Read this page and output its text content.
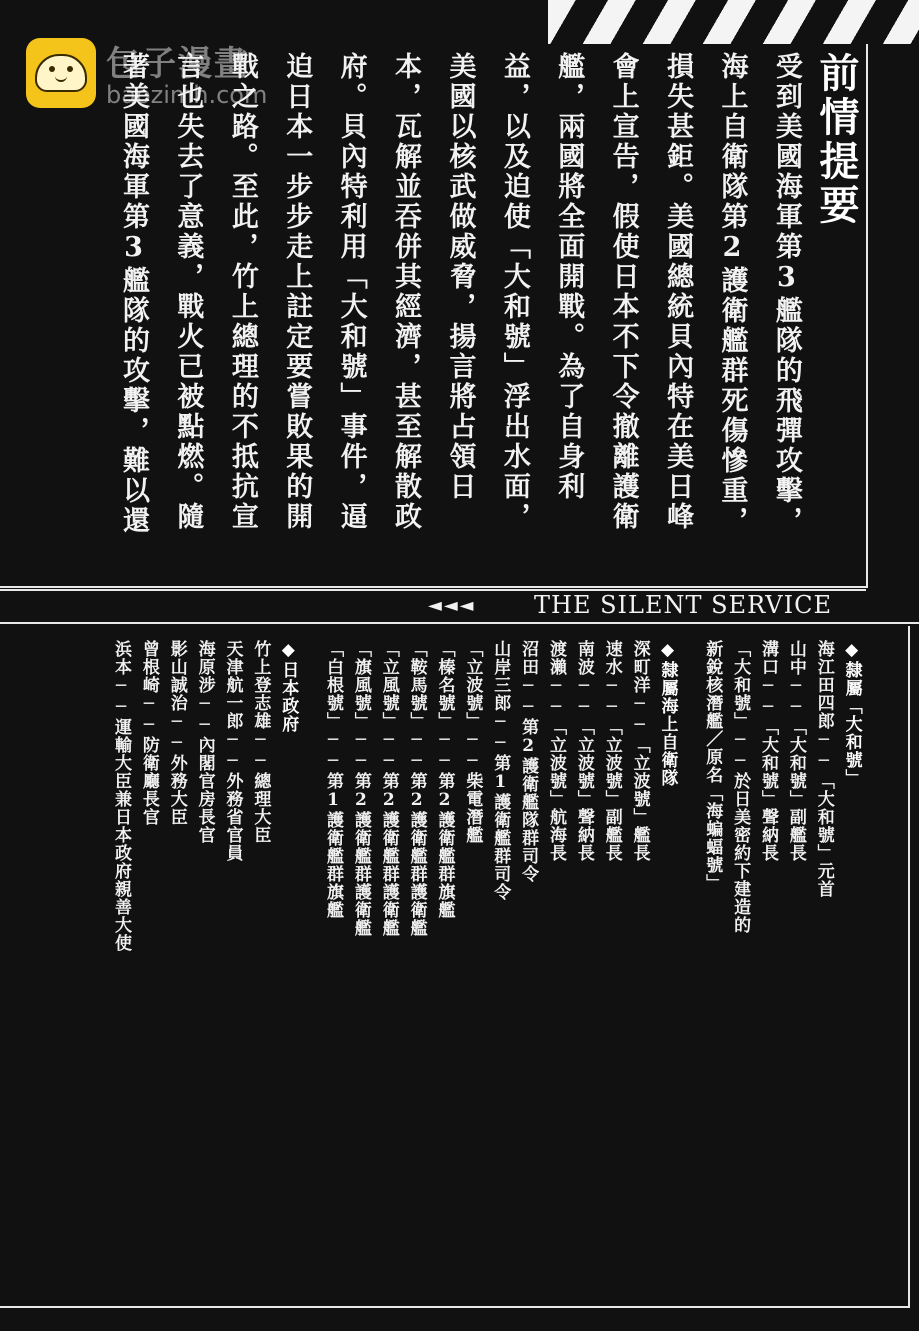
包子漫畫
baozimh.com	前情提要
受到美國海軍第3艦隊的飛彈攻擊，
海上自衛隊第2護衛艦群死傷慘重，
損失甚鉅。美國總統貝內特在美日峰
會上宣告，假使日本不下令撤離護衛
艦，兩國將全面開戰。為了自身利
益，以及迫使「大和號」浮出水面，
美國以核武做威脅，揚言將占領日
本，瓦解並吞併其經濟，甚至解散政
府。貝內特利用「大和號」事件，逼
迫日本一步步走上註定要嘗敗果的開
戰之路。至此，竹上總理的不抵抗宣
言也失去了意義，戰火已被點燃。隨
著美國海軍第3艦隊的攻擊，難以還
◄◄◄ THE SILENT SERVICE
◆隸屬「大和號」
海江田四郎──「大和號」元首
山中──「大和號」副艦長
溝口──「大和號」聲納長
「大和號」──於日美密約下建造的
新銳核潛艦／原名「海蝙蝠號」
◆隸屬海上自衛隊
深町洋──「立波號」艦長
速水──「立波號」副艦長
南波──「立波號」聲納長
渡瀨──「立波號」航海長
沼田──第2護衛艦隊群司令
山岸三郎──第1護衛艦群司令
「立波號」──柴電潛艦
「榛名號」──第2護衛艦群旗艦
「鞍馬號」──第2護衛艦群護衛艦
「立風號」──第2護衛艦群護衛艦
「旗風號」──第2護衛艦群護衛艦
「白根號」──第1護衛艦群旗艦
◆日本政府
竹上登志雄──總理大臣
天津航一郎──外務省官員
海原涉──內閣官房長官
影山誠治──外務大臣
曾根崎──防衛廳長官
浜本──運輸大臣兼日本政府親善大使
